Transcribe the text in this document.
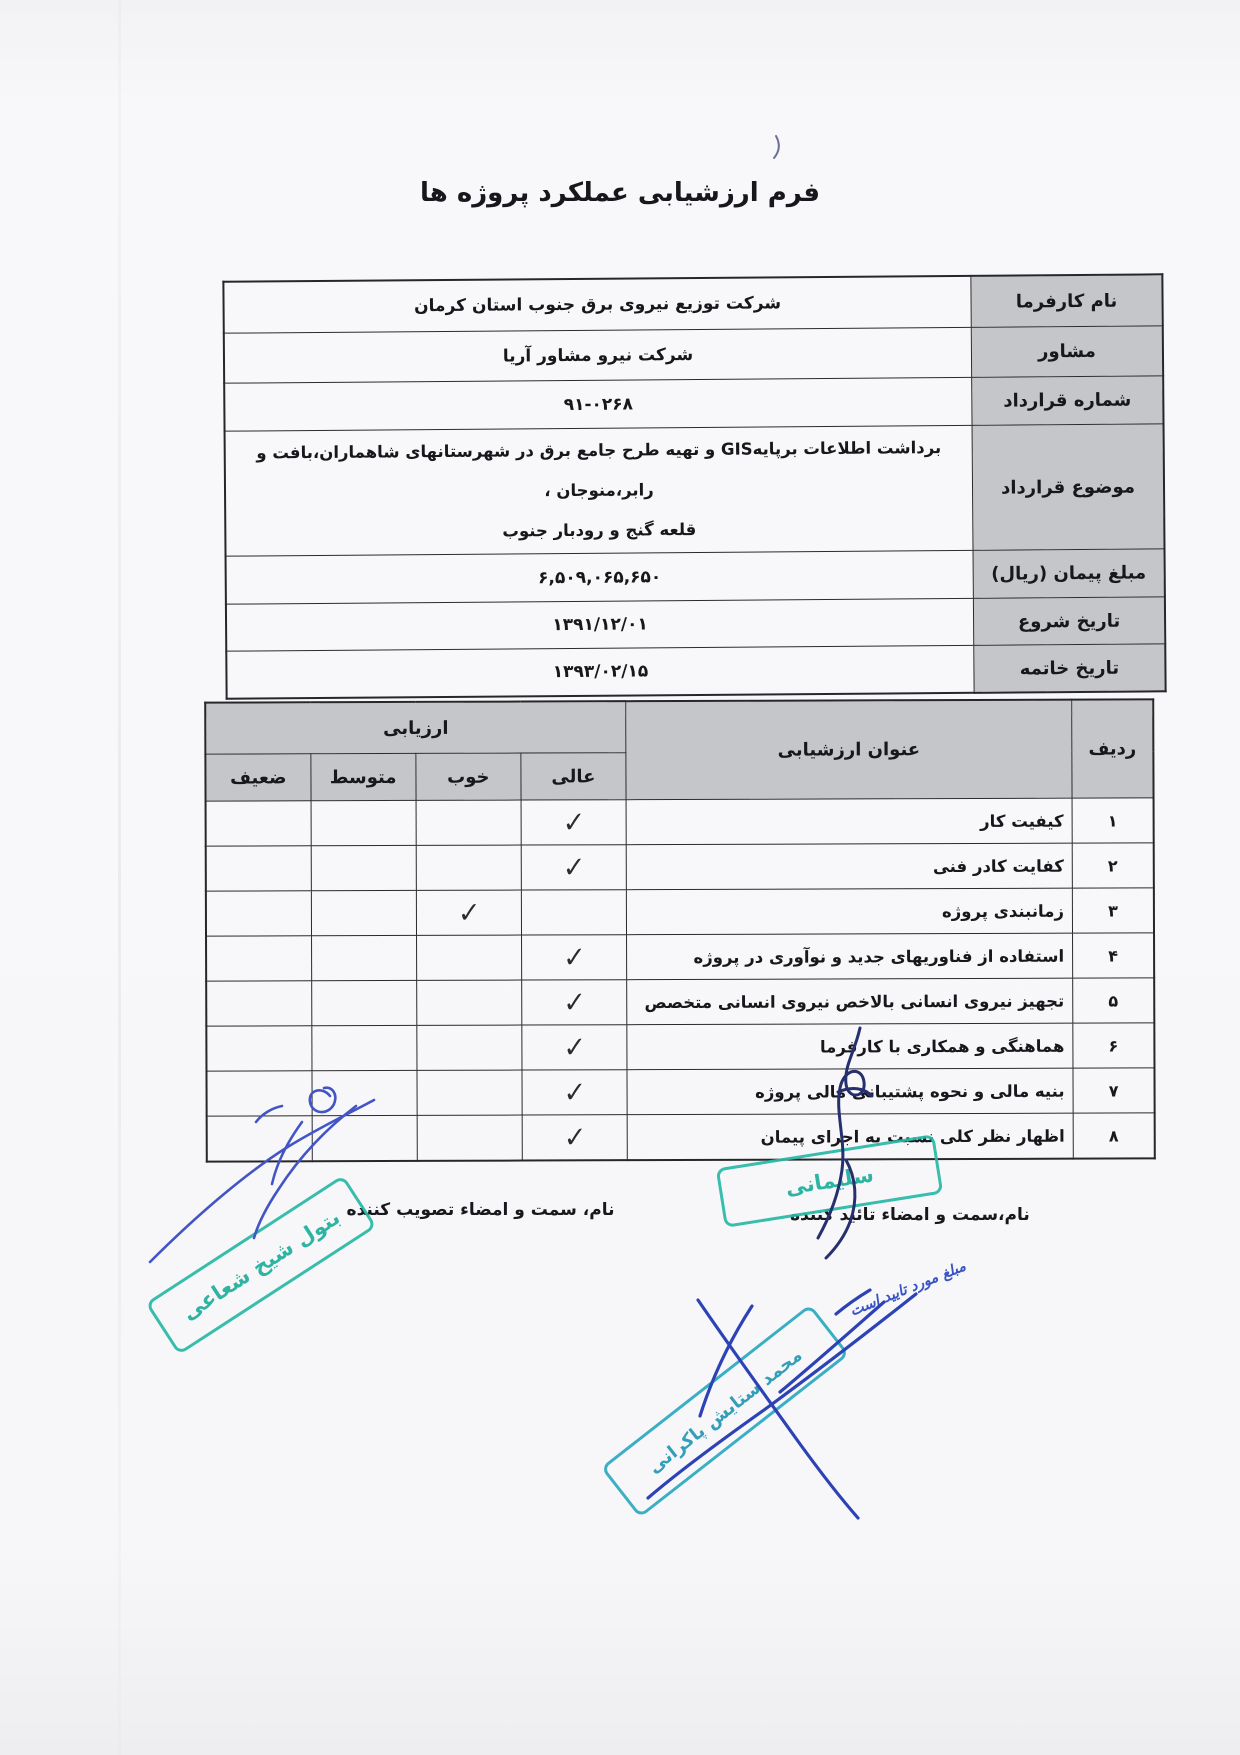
فرم ارزشیابی عملکرد پروژه ها
نام کارفرما	شرکت توزیع نیروی برق جنوب استان کرمان
مشاور	شرکت نیرو مشاور آریا
شماره قرارداد	۹۱-۰۲۶۸
موضوع قرارداد	برداشت اطلاعات برپایهGIS و تهیه طرح جامع برق در شهرستانهای شاهماران،بافت و رابر،منوجان ،
قلعه گنج و رودبار جنوب
مبلغ پیمان (ریال)	۶,۵۰۹,۰۶۵,۶۵۰
تاریخ شروع	۱۳۹۱/۱۲/۰۱
تاریخ خاتمه	۱۳۹۳/۰۲/۱۵
ردیف	عنوان ارزشیابی	ارزیابی			
		عالی	خوب	متوسط	ضعیف
۱	کیفیت کار	✓			
۲	کفایت کادر فنی	✓			
۳	زمانبندی پروژه		✓		
۴	استفاده از فناوریهای جدید و نوآوری در پروژه	✓			
۵	تجهیز نیروی انسانی بالاخص نیروی انسانی متخصص	✓			
۶	هماهنگی و همکاری با کارفرما	✓			
۷	بنیه مالی و نحوه پشتیبانی مالی پروژه	✓			
۸	اظهار نظر کلی نسبت به اجرای پیمان	✓			
نام،سمت و امضاء تائید کننده
نام، سمت و امضاء تصویب کننده
سلیمانی
بتول شیخ شعاعی
محمد ستایش پاکرانی
مبلغ مورد تایید است
